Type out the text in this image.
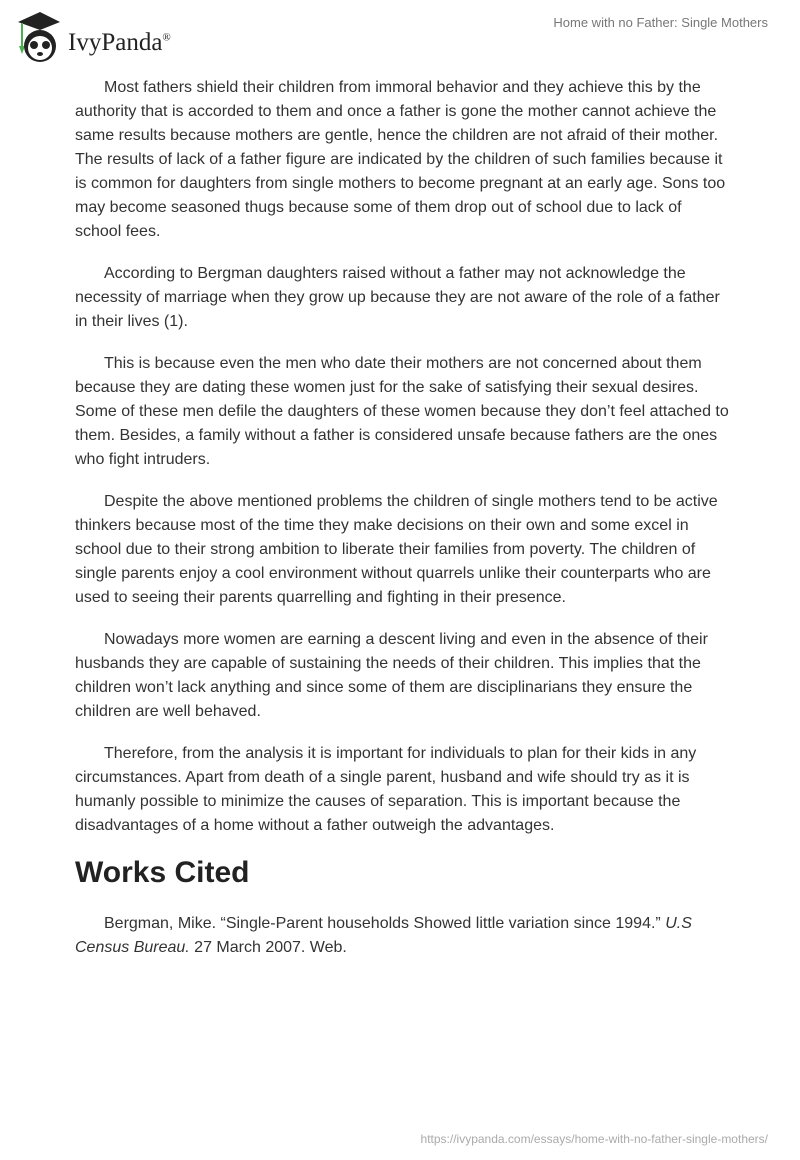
IvyPanda®
Home with no Father: Single Mothers

Most fathers shield their children from immoral behavior and they achieve this by the authority that is accorded to them and once a father is gone the mother cannot achieve the same results because mothers are gentle, hence the children are not afraid of their mother. The results of lack of a father figure are indicated by the children of such families because it is common for daughters from single mothers to become pregnant at an early age. Sons too may become seasoned thugs because some of them drop out of school due to lack of school fees.

According to Bergman daughters raised without a father may not acknowledge the necessity of marriage when they grow up because they are not aware of the role of a father in their lives (1).

This is because even the men who date their mothers are not concerned about them because they are dating these women just for the sake of satisfying their sexual desires. Some of these men defile the daughters of these women because they don’t feel attached to them. Besides, a family without a father is considered unsafe because fathers are the ones who fight intruders.

Despite the above mentioned problems the children of single mothers tend to be active thinkers because most of the time they make decisions on their own and some excel in school due to their strong ambition to liberate their families from poverty. The children of single parents enjoy a cool environment without quarrels unlike their counterparts who are used to seeing their parents quarrelling and fighting in their presence.

Nowadays more women are earning a descent living and even in the absence of their husbands they are capable of sustaining the needs of their children. This implies that the children won’t lack anything and since some of them are disciplinarians they ensure the children are well behaved.

Therefore, from the analysis it is important for individuals to plan for their kids in any circumstances. Apart from death of a single parent, husband and wife should try as it is humanly possible to minimize the causes of separation. This is important because the disadvantages of a home without a father outweigh the advantages.

Works Cited

Bergman, Mike. “Single-Parent households Showed little variation since 1994.” U.S Census Bureau. 27 March 2007. Web.

https://ivypanda.com/essays/home-with-no-father-single-mothers/
